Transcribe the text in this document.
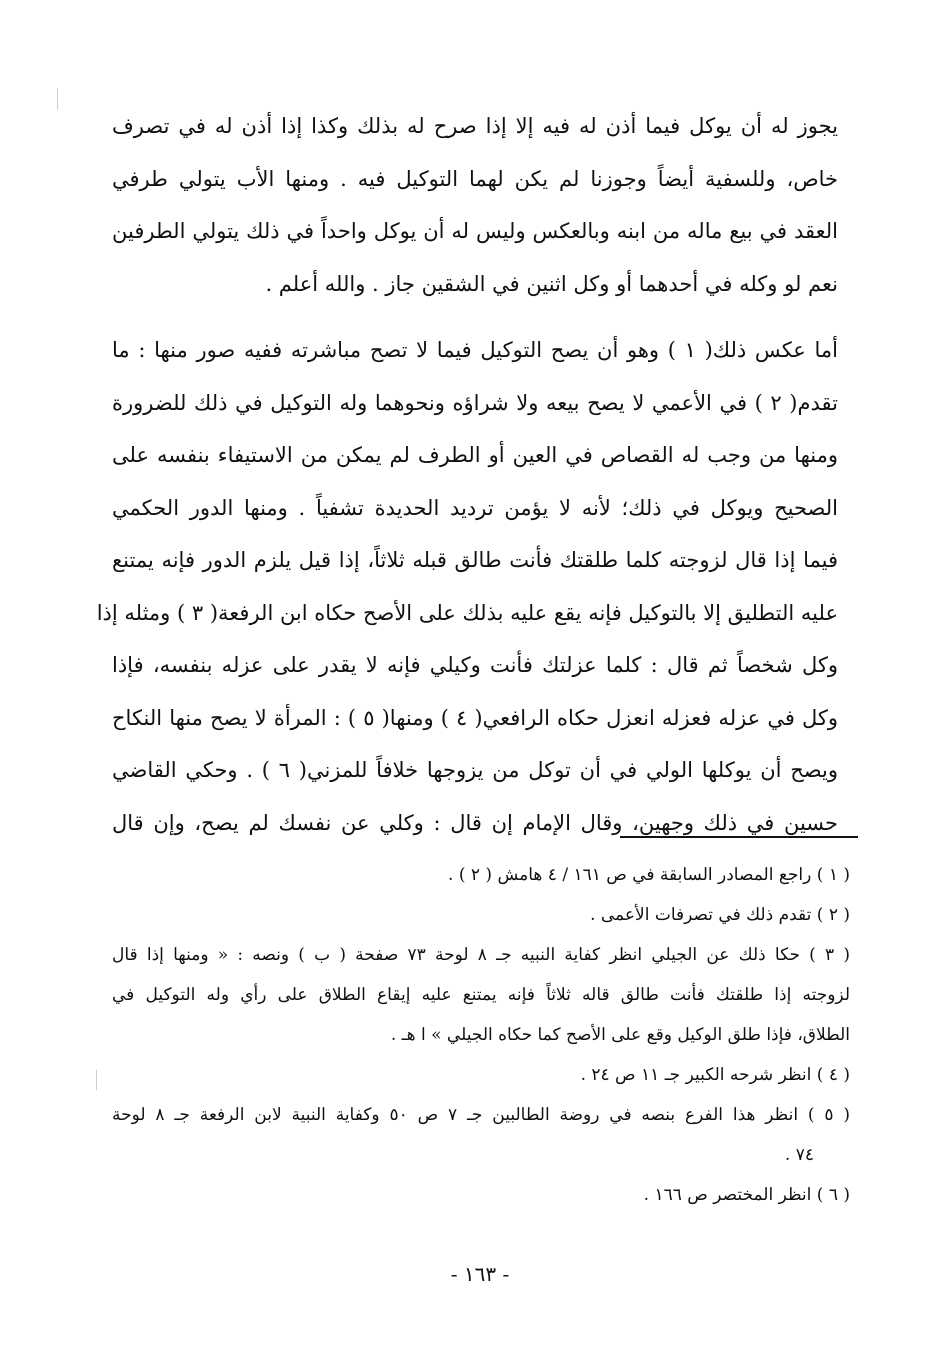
يجوز له أن يوكل فيما أذن له فيه إلا إذا صرح له بذلك وكذا إذا أذن له في تصرف
خاص، وللسفية أيضاً وجوزنا لم يكن لهما التوكيل فيه . ومنها الأب يتولي طرفي
العقد في بيع ماله من ابنه وبالعكس وليس له أن يوكل واحداً في ذلك يتولي الطرفين
نعم لو وكله في أحدهما أو وكل اثنين في الشقين جاز . والله أعلم .
أما عكس ذلك( ١ ) وهو أن يصح التوكيل فيما لا تصح مباشرته ففيه صور منها : ما
تقدم( ٢ ) في الأعمي لا يصح بيعه ولا شراؤه ونحوهما وله التوكيل في ذلك للضرورة
ومنها من وجب له القصاص في العين أو الطرف لم يمكن من الاستيفاء بنفسه على
الصحيح ويوكل في ذلك؛ لأنه لا يؤمن ترديد الحديدة تشفياً . ومنها الدور الحكمي
فيما إذا قال لزوجته كلما طلقتك فأنت طالق قبله ثلاثاً، إذا قيل يلزم الدور فإنه يمتنع
عليه التطليق إلا بالتوكيل فإنه يقع عليه بذلك على الأصح حكاه ابن الرفعة( ٣ ) ومثله إذا
وكل شخصاً ثم قال : كلما عزلتك فأنت وكيلي فإنه لا يقدر على عزله بنفسه، فإذا
وكل في عزله فعزله انعزل حكاه الرافعي( ٤ ) ومنها( ٥ ) : المرأة لا يصح منها النكاح
ويصح أن يوكلها الولي في أن توكل من يزوجها خلافاً للمزني( ٦ ) . وحكي القاضي
حسين في ذلك وجهين، وقال الإمام إن قال : وكلي عن نفسك لم يصح، وإن قال
( ١ ) راجع المصادر السابقة في ص ١٦١ / ٤ هامش ( ٢ ) .
( ٢ ) تقدم ذلك في تصرفات الأعمى .
( ٣ ) حكا ذلك عن الجيلي انظر كفاية النبيه جـ ٨ لوحة ٧٣ صفحة ( ب ) ونصه : « ومنها إذا قال
لزوجته إذا طلقتك فأنت طالق قاله ثلاثاً فإنه يمتنع عليه إيقاع الطلاق على رأي وله التوكيل في
الطلاق، فإذا طلق الوكيل وقع على الأصح كما حكاه الجيلي » ا هـ .
( ٤ ) انظر شرحه الكبير جـ ١١ ص ٢٤ .
( ٥ ) انظر هذا الفرع بنصه في روضة الطالبين جـ ٧ ص ٥٠ وكفاية النبية لابن الرفعة جـ ٨ لوحة
٧٤ .
( ٦ ) انظر المختصر ص ١٦٦ .
- ١٦٣ -
